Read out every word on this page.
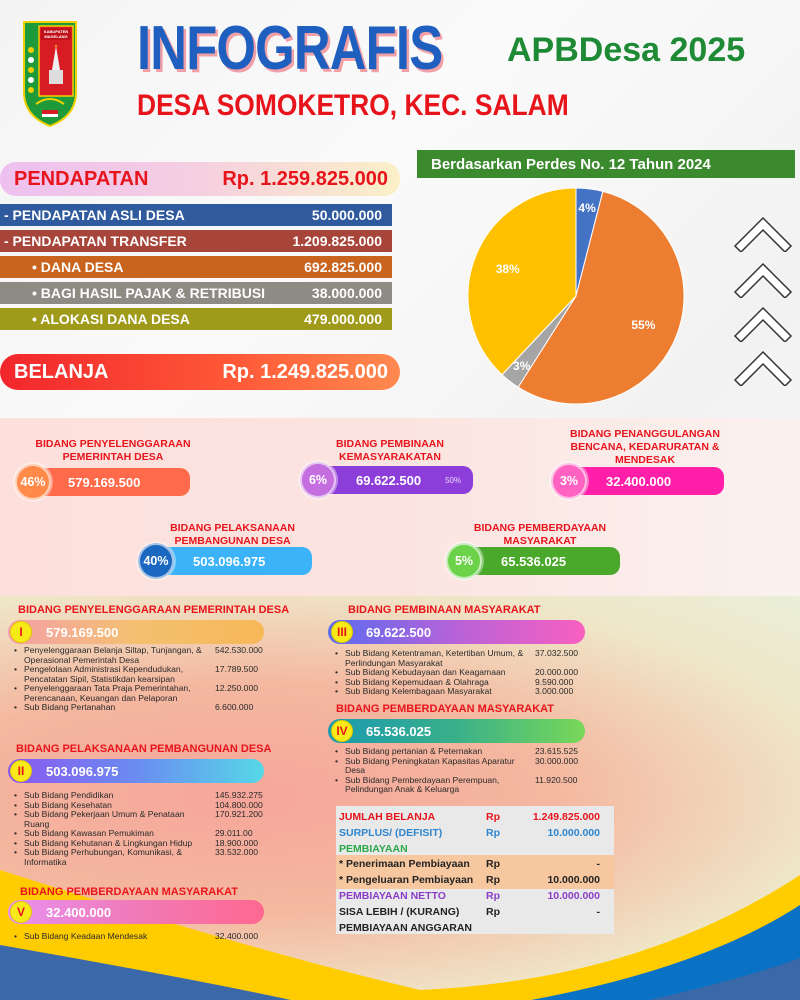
KABUPATEN
MAGELANG INFOGRAFIS APBDesa 2025
DESA SOMOKETRO, KEC. SALAM
PENDAPATAN	Rp. 1.259.825.000
- PENDAPATAN ASLI DESA	50.000.000
- PENDAPATAN TRANSFER	1.209.825.000
• DANA DESA	692.825.000
• BAGI HASIL PAJAK & RETRIBUSI	38.000.000
• ALOKASI DANA DESA	479.000.000
BELANJA	Rp. 1.249.825.000
Berdasarkan Perdes No. 12 Tahun 2024
4%
55%
3%
38%
BIDANG PENYELENGGARAAN PEMERINTAH DESA
579.169.500
46%
BIDANG PEMBINAAN KEMASYARAKATAN
69.622.500	50%
6%
BIDANG PENANGGULANGAN BENCANA, KEDARURATAN & MENDESAK
32.400.000
3%
BIDANG PELAKSANAAN PEMBANGUNAN DESA
503.096.975
40%
BIDANG PEMBERDAYAAN MASYARAKAT
65.536.025
5%
BIDANG PENYELENGGARAAN PEMERINTAH DESA
579.169.500
I
• Penyelenggaraan Belanja Siltap, Tunjangan, & Operasional Pemerintah Desa
542.530.000
• Pengelolaan Administrasi Kependudukan, Pencatatan Sipil, Statistikdan kearsipan
17.789.500
• Penyelenggaraan Tata Praja Pemerintahan, Perencanaan, Keuangan dan Pelaporan
12.250.000
• Sub Bidang Pertanahan	6.600.000
BIDANG PELAKSANAAN PEMBANGUNAN DESA
503.096.975
II
• Sub Bidang Pendidikan	145.932.275
• Sub Bidang Kesehatan	104.800.000
• Sub Bidang Pekerjaan Umum & Penataan Ruang
170.921.200
• Sub Bidang Kawasan Pemukiman	29.011.00
• Sub Bidang Kehutanan & Lingkungan Hidup	18.900.000
• Sub Bidang Perhubungan, Komunikasi, & Informatika
33.532.000
BIDANG PEMBERDAYAAN MASYARAKAT
32.400.000
V
• Sub Bidang Keadaan Mendesak	32.400.000
BIDANG PEMBINAAN MASYARAKAT
69.622.500
III
• Sub Bidang Ketentraman, Ketertiban Umum, & Perlindungan Masyarakat
37.032.500
• Sub Bidang Kebudayaan dan Keagamaan	20.000.000
• Sub Bidang Kepemudaan & Olahraga	9.590.000
• Sub Bidang Kelembagaan Masyarakat	3.000.000
BIDANG PEMBERDAYAAN MASYARAKAT
65.536.025
IV
• Sub Bidang pertanian & Peternakan	23.615.525
• Sub Bidang Peningkatan Kapasitas Aparatur Desa
30.000.000
• Sub Bidang Pemberdayaan Perempuan, Pelindungan Anak & Keluarga
11.920.500
JUMLAH BELANJA	Rp	1.249.825.000
SURPLUS/ (DEFISIT)	Rp	10.000.000
PEMBIAYAAN
* Penerimaan Pembiayaan	Rp	-
* Pengeluaran Pembiayaan	Rp	10.000.000
PEMBIAYAAN NETTO	Rp	10.000.000
SISA LEBIH / (KURANG)	Rp	-
PEMBIAYAAN ANGGARAN
